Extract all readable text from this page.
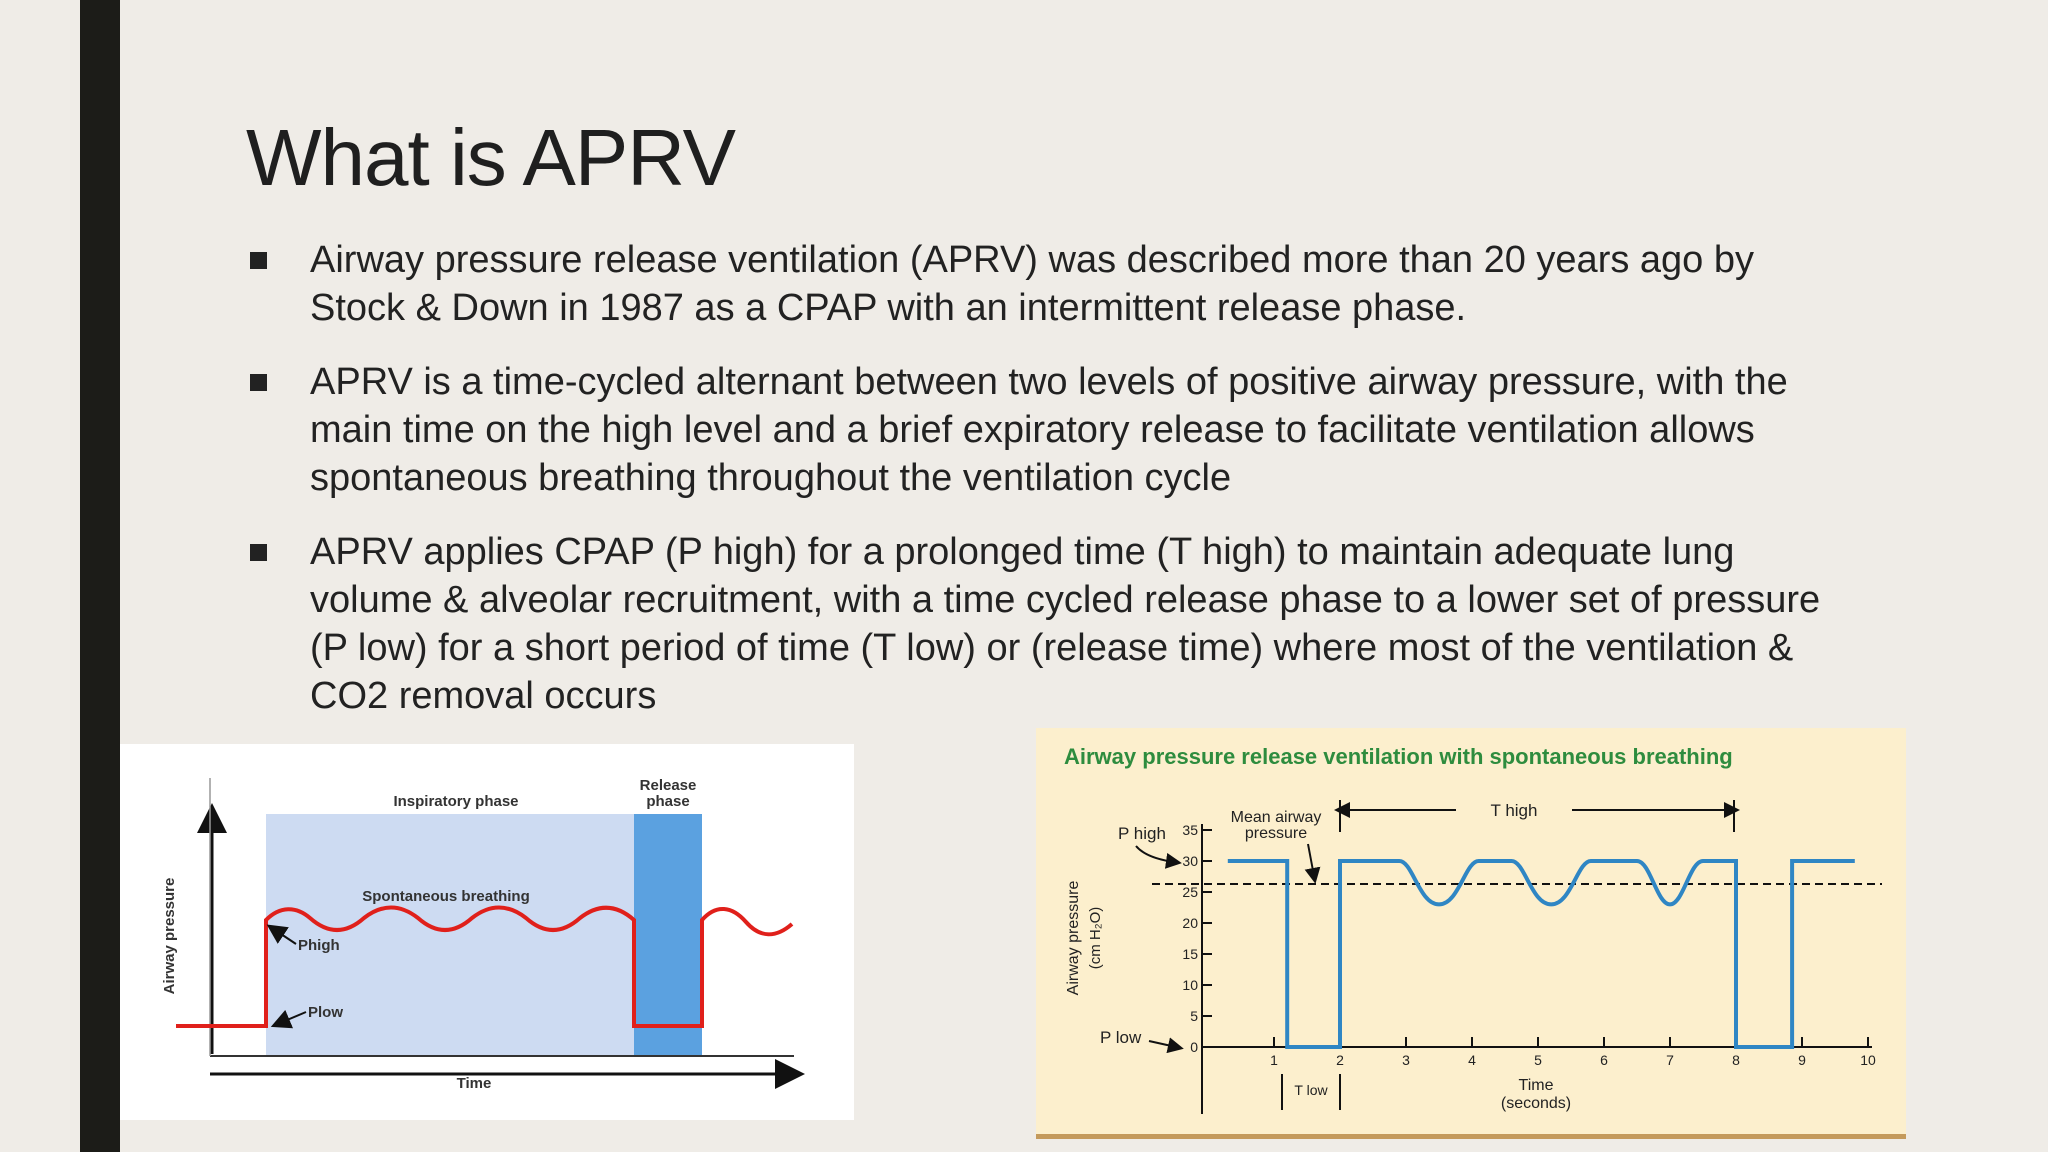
What is APRV
Airway pressure release ventilation (APRV) was described more than 20 years ago by Stock & Down in 1987 as a CPAP with an intermittent release phase.
APRV is a time-cycled alternant between two levels of positive airway pressure, with the main time on the high level and a brief expiratory release to facilitate ventilation allows spontaneous breathing throughout the ventilation cycle
APRV applies CPAP (P high) for a prolonged time (T high) to maintain adequate lung volume & alveolar recruitment, with a time cycled release phase to a lower set of pressure (P low) for a short period of time (T low) or (release time) where most of the ventilation & CO2 removal occurs
Inspiratory phase
Release
phase
Spontaneous breathing
Phigh
Plow
Airway pressure
Time
Airway pressure release ventilation with spontaneous breathing
0
5
10
15
20
25
30
35
1	2	3	4	5	6	7	8	9	10
P high
P low
Mean airway
pressure
T high
T low
Airway pressure (cm H₂O)
Time
(seconds)
